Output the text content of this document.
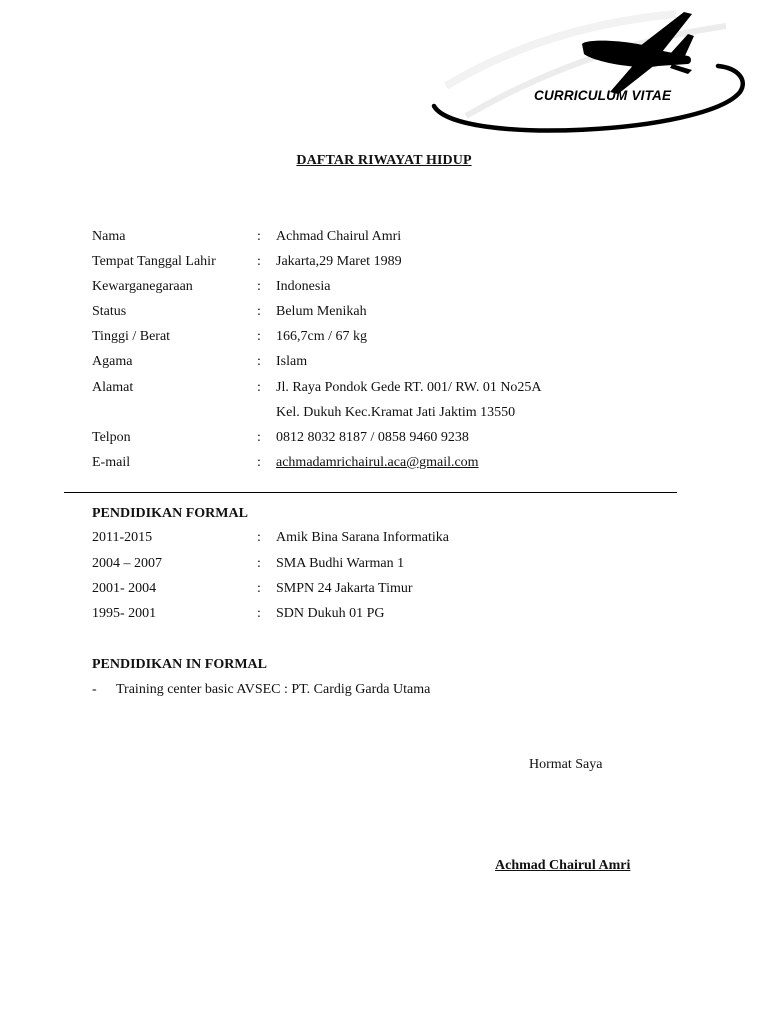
CURRICULUM VITAE
DAFTAR RIWAYAT HIDUP
Nama	: Achmad Chairul Amri
Tempat Tanggal Lahir	: Jakarta,29 Maret 1989
Kewarganegaraan	: Indonesia
Status	: Belum Menikah
Tinggi / Berat	: 166,7cm / 67 kg
Agama	: Islam
Alamat	: Jl. Raya Pondok Gede RT. 001/ RW. 01 No25A
Kel. Dukuh Kec.Kramat Jati Jaktim 13550
Telpon	: 0812 8032 8187 / 0858 9460 9238
E-mail	: achmadamrichairul.aca@gmail.com
PENDIDIKAN FORMAL
2011-2015	: Amik Bina Sarana Informatika
2004 – 2007	: SMA Budhi Warman 1
2001- 2004	: SMPN 24 Jakarta Timur
1995- 2001	: SDN Dukuh 01 PG
PENDIDIKAN IN FORMAL
- Training center basic AVSEC : PT. Cardig Garda Utama
Hormat Saya
Achmad Chairul Amri
